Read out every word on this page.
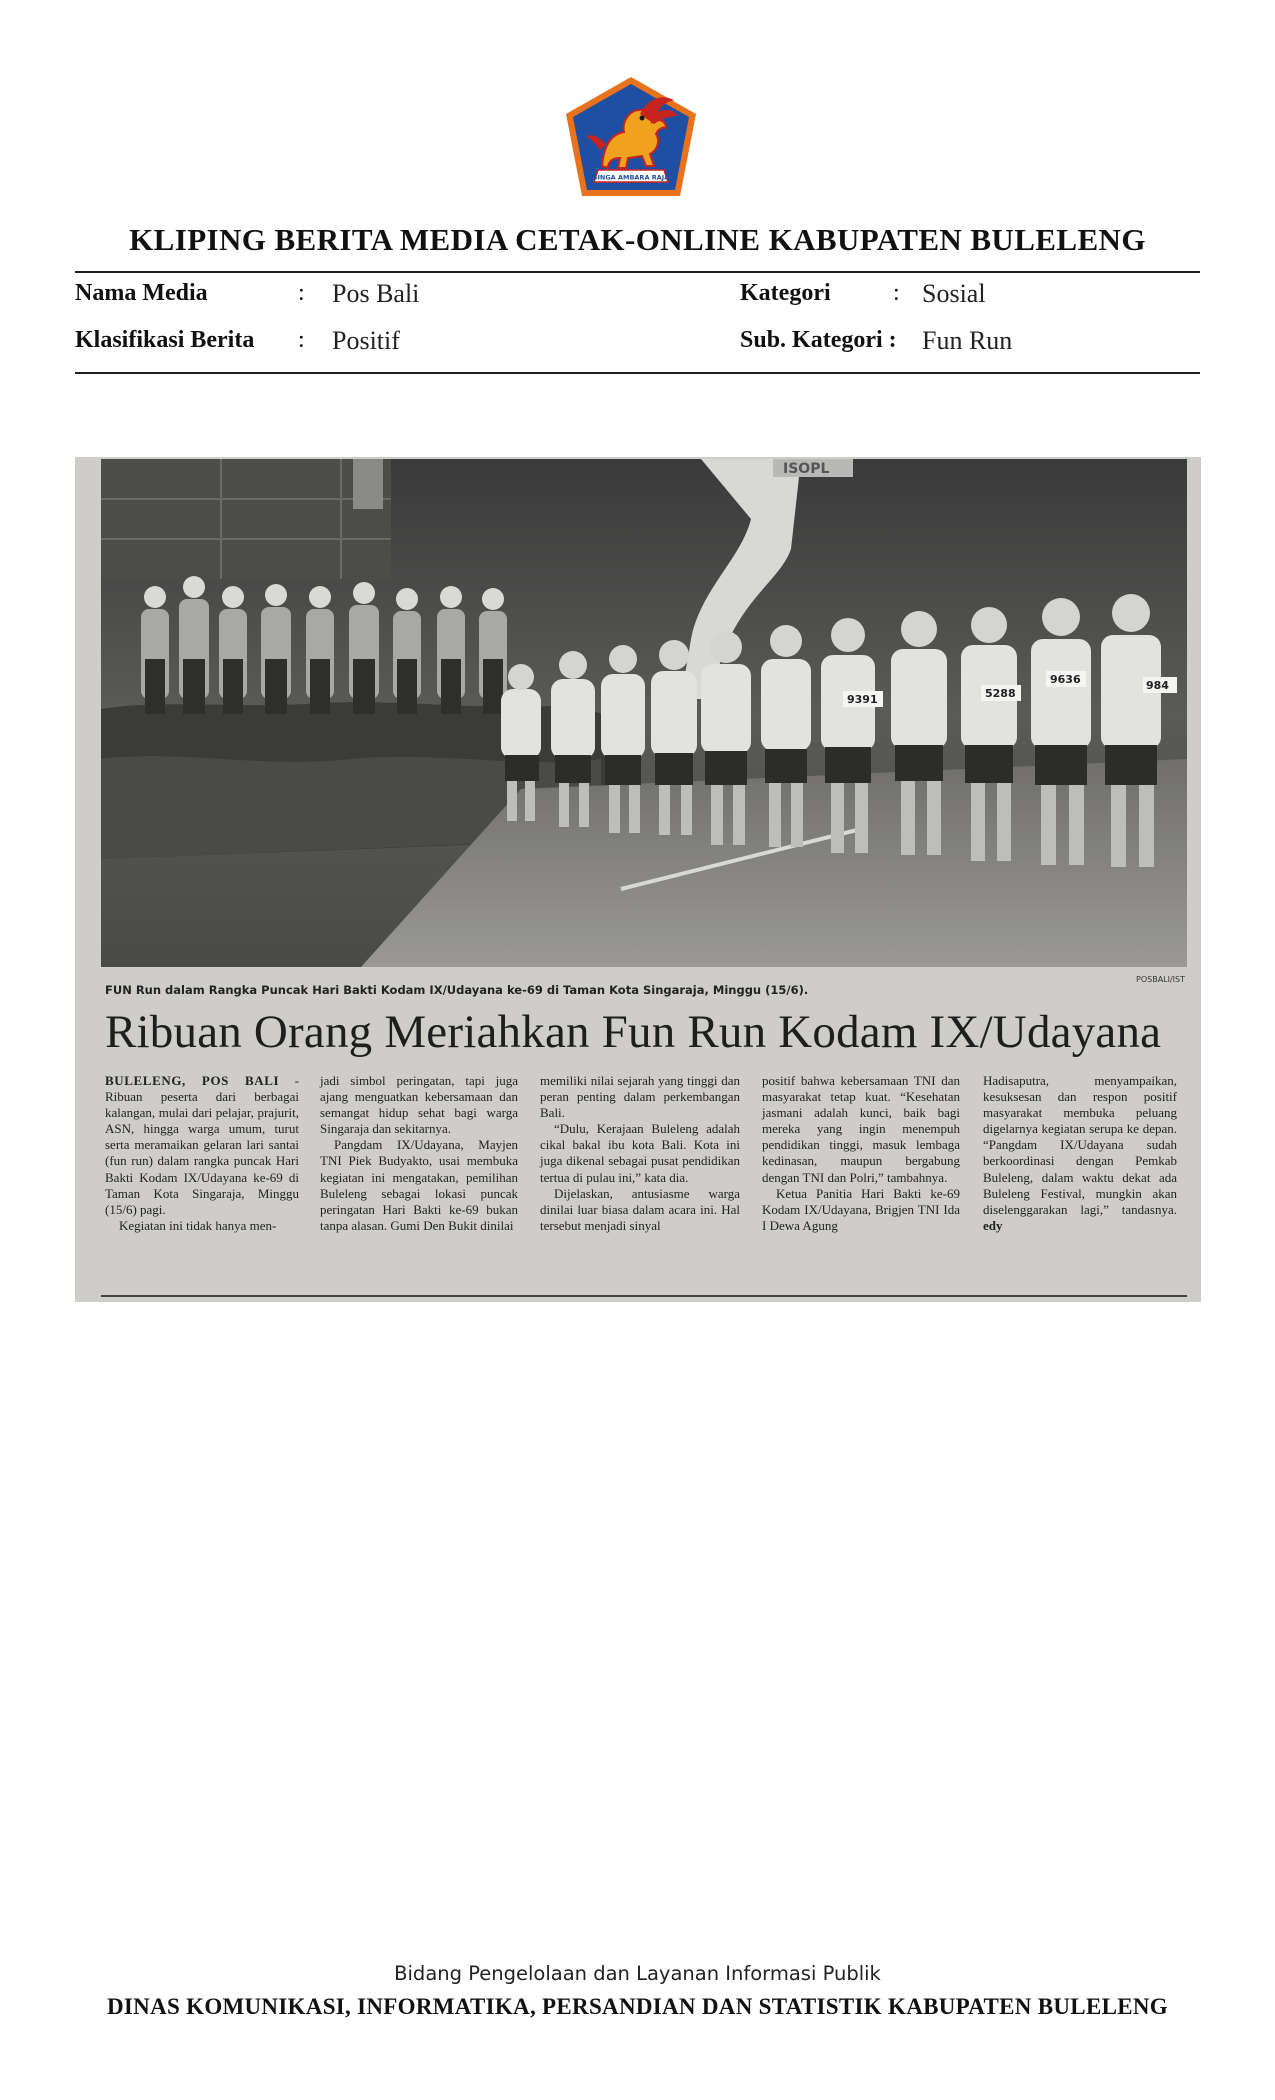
SINGA AMBARA RAJA
KLIPING BERITA MEDIA CETAK-ONLINE KABUPATEN BULELENG
Nama Media	: Pos Bali	Kategori	: Sosial
Klasifikasi Berita : Positif	Sub. Kategori : Fun Run
ISOPL
9391	5288
9636	984
POSBALI/IST
FUN Run dalam Rangka Puncak Hari Bakti Kodam IX/Udayana ke-69 di Taman Kota Singaraja, Minggu (15/6).
Ribuan Orang Meriahkan Fun Run Kodam IX/Udayana

BULELENG, POS BALI - Ribuan peserta dari berbagai kalangan, mulai dari pelajar, prajurit, ASN, hingga warga umum, turut serta meramaikan gelaran lari santai (fun run) dalam rangka puncak Hari Bakti Kodam IX/Udayana ke-69 di Taman Kota Singaraja, Minggu (15/6) pagi.

Kegiatan ini tidak hanya men-

jadi simbol peringatan, tapi juga ajang menguatkan kebersamaan dan semangat hidup sehat bagi warga Singaraja dan sekitarnya.

Pangdam IX/Udayana, Mayjen TNI Piek Budyakto, usai membuka kegiatan ini mengatakan, pemilihan Buleleng sebagai lokasi puncak peringatan Hari Bakti ke-69 bukan tanpa alasan. Gumi Den Bukit dinilai

memiliki nilai sejarah yang tinggi dan peran penting dalam perkembangan Bali.

“Dulu, Kerajaan Buleleng adalah cikal bakal ibu kota Bali. Kota ini juga dikenal sebagai pusat pendidikan tertua di pulau ini,” kata dia.

Dijelaskan, antusiasme warga dinilai luar biasa dalam acara ini. Hal tersebut menjadi sinyal

positif bahwa kebersamaan TNI dan masyarakat tetap kuat. “Kesehatan jasmani adalah kunci, baik bagi mereka yang ingin menempuh pendidikan tinggi, masuk lembaga kedinasan, maupun bergabung dengan TNI dan Polri,” tambahnya.

Ketua Panitia Hari Bakti ke-69 Kodam IX/Udayana, Brigjen TNI Ida I Dewa Agung

Hadisaputra, menyampaikan, kesuksesan dan respon positif masyarakat membuka peluang digelarnya kegiatan serupa ke depan. “Pangdam IX/Udayana sudah berkoordinasi dengan Pemkab Buleleng, dalam waktu dekat ada Buleleng Festival, mungkin akan diselenggarakan lagi,” tandasnya. edy

Bidang Pengelolaan dan Layanan Informasi Publik
DINAS KOMUNIKASI, INFORMATIKA, PERSANDIAN DAN STATISTIK KABUPATEN BULELENG
